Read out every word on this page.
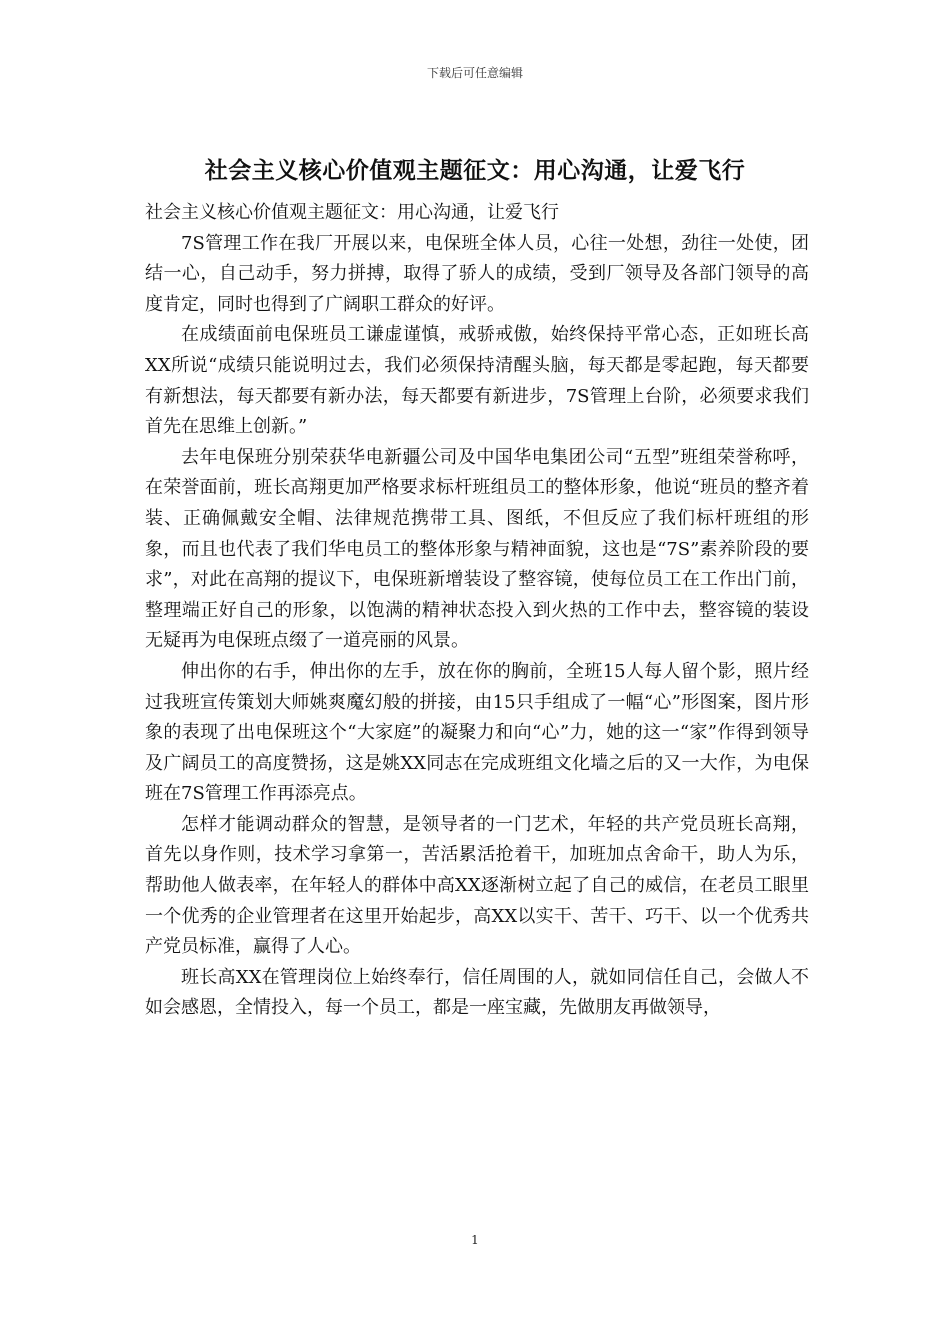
下载后可任意编辑
社会主义核心价值观主题征文：用心沟通，让爱飞行

社会主义核心价值观主题征文：用心沟通，让爱飞行

7S管理工作在我厂开展以来，电保班全体人员，心往一处想，劲往一处使，团结一心，自己动手，努力拼搏，取得了骄人的成绩，受到厂领导及各部门领导的高度肯定，同时也得到了广阔职工群众的好评。

在成绩面前电保班员工谦虚谨慎，戒骄戒傲，始终保持平常心态，正如班长高XX所说“成绩只能说明过去，我们必须保持清醒头脑，每天都是零起跑，每天都要有新想法，每天都要有新办法，每天都要有新进步，7S管理上台阶，必须要求我们首先在思维上创新。”

去年电保班分别荣获华电新疆公司及中国华电集团公司“五型”班组荣誉称呼，在荣誉面前，班长高翔更加严格要求标杆班组员工的整体形象，他说“班员的整齐着装、正确佩戴安全帽、法律规范携带工具、图纸，不但反应了我们标杆班组的形象，而且也代表了我们华电员工的整体形象与精神面貌，这也是“7S”素养阶段的要求”，对此在高翔的提议下，电保班新增装设了整容镜，使每位员工在工作出门前，整理端正好自己的形象，以饱满的精神状态投入到火热的工作中去，整容镜的装设无疑再为电保班点缀了一道亮丽的风景。

伸出你的右手，伸出你的左手，放在你的胸前，全班15人每人留个影，照片经过我班宣传策划大师姚爽魔幻般的拼接，由15只手组成了一幅“心”形图案，图片形象的表现了出电保班这个“大家庭”的凝聚力和向“心”力，她的这一“家”作得到领导及广阔员工的高度赞扬，这是姚XX同志在完成班组文化墙之后的又一大作，为电保班在7S管理工作再添亮点。

怎样才能调动群众的智慧，是领导者的一门艺术，年轻的共产党员班长高翔，首先以身作则，技术学习拿第一，苦活累活抢着干，加班加点舍命干，助人为乐，帮助他人做表率，在年轻人的群体中高XX逐渐树立起了自己的威信，在老员工眼里一个优秀的企业管理者在这里开始起步，高XX以实干、苦干、巧干、以一个优秀共产党员标准，赢得了人心。

班长高XX在管理岗位上始终奉行，信任周围的人，就如同信任自己，会做人不如会感恩，全情投入，每一个员工，都是一座宝藏，先做朋友再做领导，

1
